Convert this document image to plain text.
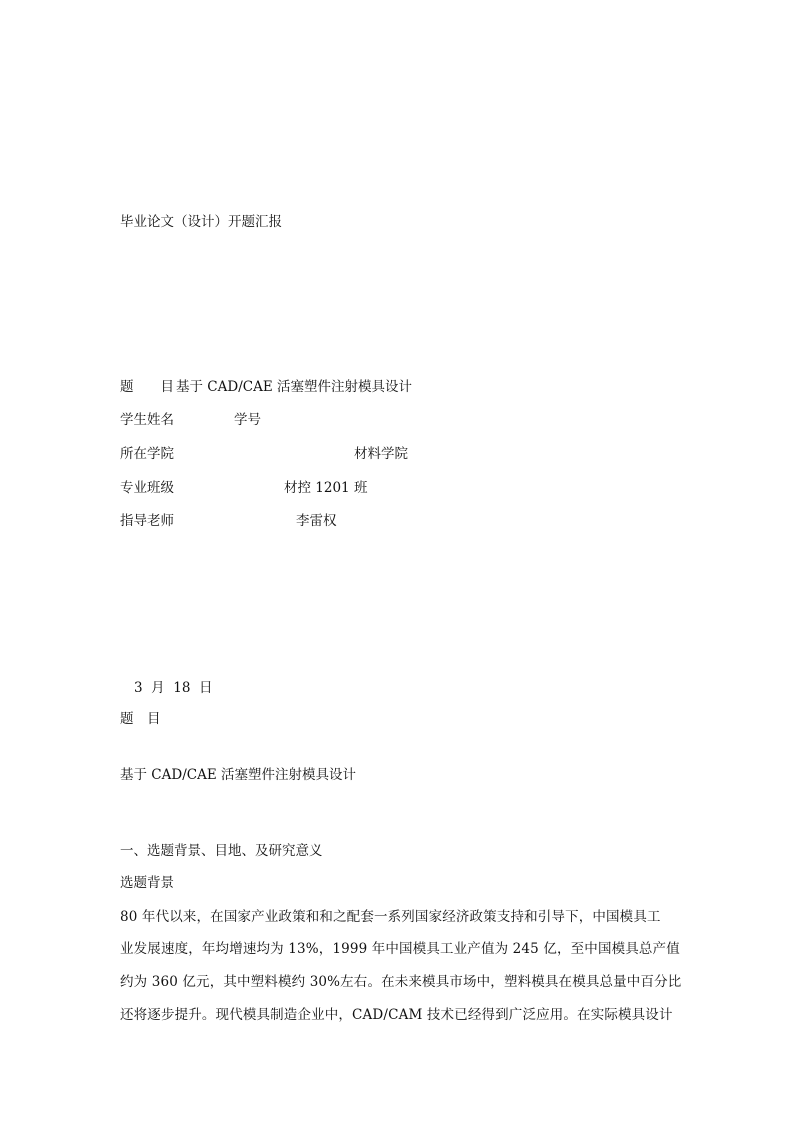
毕业论文（设计）开题汇报
题　　目 基于 CAD/CAE 活塞塑件注射模具设计
学生姓名	学号
所在学院	材料学院
专业班级	材控 1201 班
指导老师	李雷权
3  月  18  日
题　目
基于 CAD/CAE 活塞塑件注射模具设计
一、选题背景、目地、及研究意义
选题背景
80 年代以来，在国家产业政策和和之配套一系列国家经济政策支持和引导下，中国模具工
业发展速度，年均增速均为 13%，1999 年中国模具工业产值为 245 亿，至中国模具总产值
约为 360 亿元，其中塑料模约 30%左右。在未来模具市场中，塑料模具在模具总量中百分比
还将逐步提升。现代模具制造企业中，CAD/CAM 技术已经得到广泛应用。在实际模具设计
